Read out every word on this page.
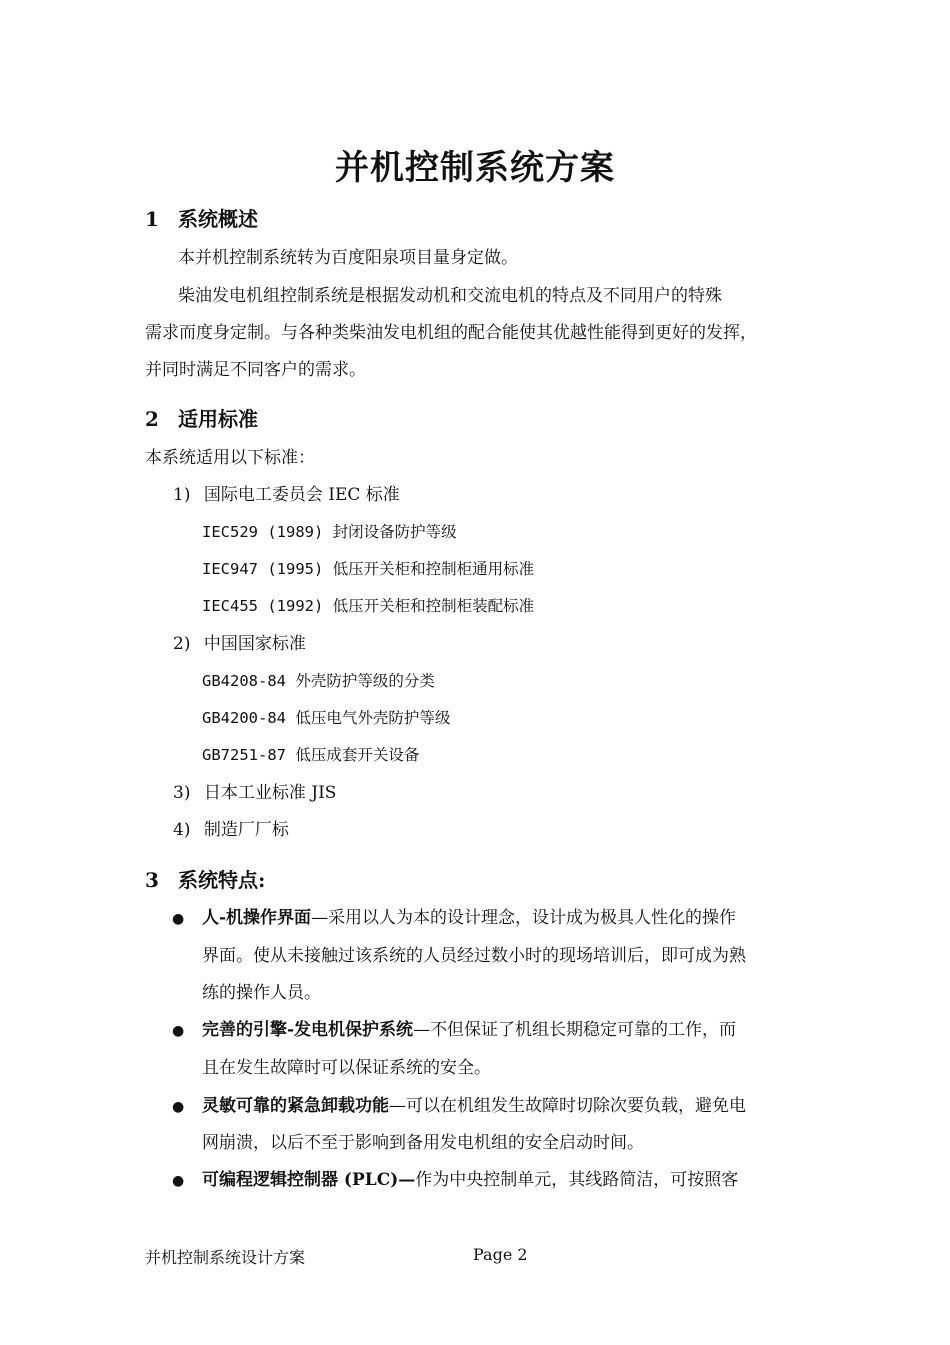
并机控制系统方案
1 系统概述
本并机控制系统转为百度阳泉项目量身定做。
柴油发电机组控制系统是根据发动机和交流电机的特点及不同用户的特殊
需求而度身定制。与各种类柴油发电机组的配合能使其优越性能得到更好的发挥，
并同时满足不同客户的需求。
2 适用标准
本系统适用以下标准：
1) 国际电工委员会 IEC 标准
IEC529 (1989) 封闭设备防护等级
IEC947 (1995) 低压开关柜和控制柜通用标准
IEC455 (1992) 低压开关柜和控制柜装配标准
2) 中国国家标准
GB4208-84 外壳防护等级的分类
GB4200-84 低压电气外壳防护等级
GB7251-87 低压成套开关设备
3) 日本工业标准 JIS
4) 制造厂厂标
3 系统特点:
● 人-机操作界面—采用以人为本的设计理念，设计成为极具人性化的操作
界面。使从未接触过该系统的人员经过数小时的现场培训后，即可成为熟
练的操作人员。
● 完善的引擎-发电机保护系统—不但保证了机组长期稳定可靠的工作，而
且在发生故障时可以保证系统的安全。
● 灵敏可靠的紧急卸载功能—可以在机组发生故障时切除次要负载，避免电
网崩溃，以后不至于影响到备用发电机组的安全启动时间。
● 可编程逻辑控制器 (PLC)—作为中央控制单元，其线路简洁，可按照客
并机控制系统设计方案	Page 2
